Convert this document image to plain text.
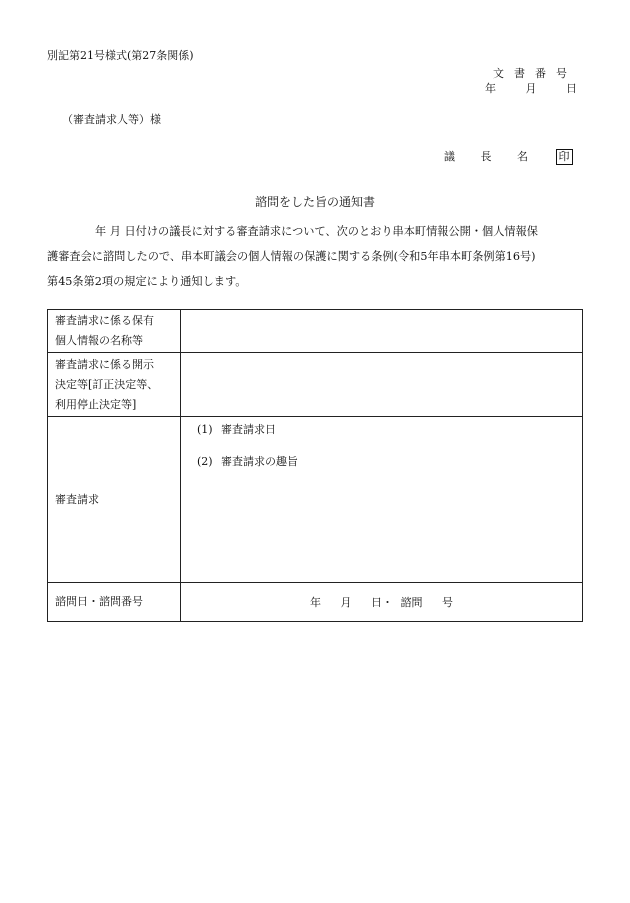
別記第21号様式(第27条関係)
文書番号
年	月	日
（審査請求人等）様
議 長 名	印
諮問をした旨の通知書
年 月 日付けの議長に対する審査請求について、次のとおり串本町情報公開・個人情報保
護審査会に諮問したので、串本町議会の個人情報の保護に関する条例(令和5年串本町条例第16号)
第45条第2項の規定により通知します。
審査請求に係る保有
個人情報の名称等	

審査請求に係る開示
決定等[訂正決定等、
利用停止決定等]	

審査請求	(1) 審査請求日
(2) 審査請求の趣旨

諮問日・諮問番号	年 月 日・ 諮問 号
